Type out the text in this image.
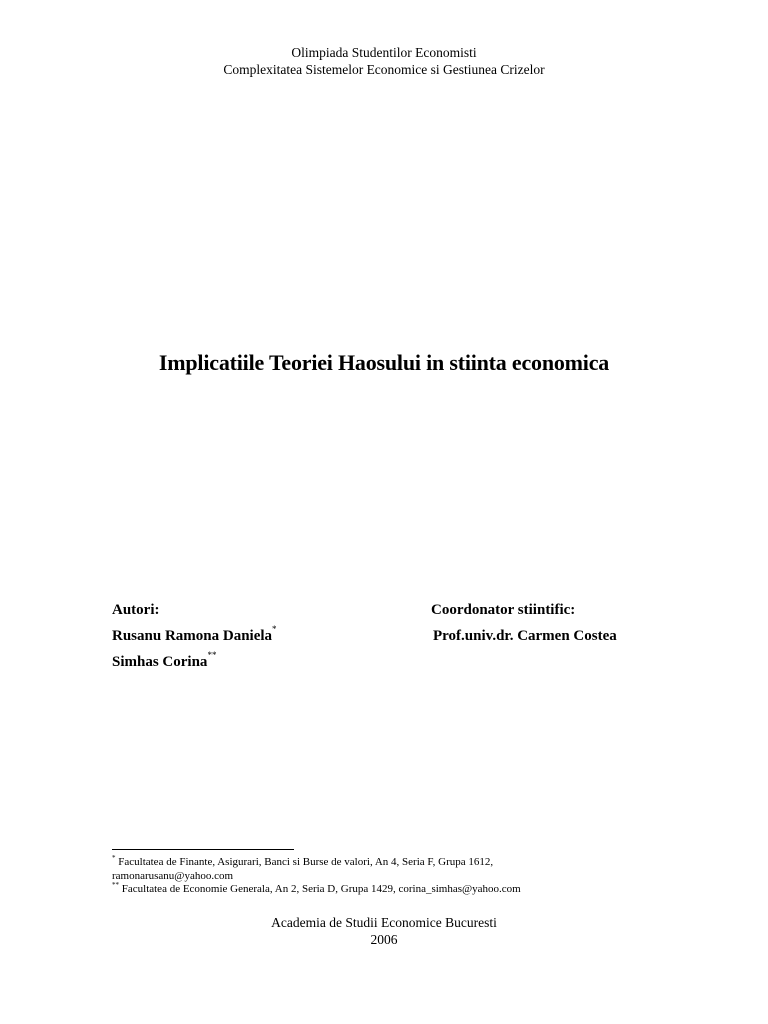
Olimpiada Studentilor Economisti
Complexitatea Sistemelor Economice si Gestiunea Crizelor
Implicatiile Teoriei Haosului in stiinta economica
Autori:
Rusanu Ramona Daniela*
Simhas Corina**
Coordonator stiintific:
Prof.univ.dr. Carmen Costea
* Facultatea de Finante, Asigurari, Banci si Burse de valori, An 4, Seria F, Grupa 1612,
ramonarusanu@yahoo.com
** Facultatea de Economie Generala, An 2, Seria D, Grupa 1429, corina_simhas@yahoo.com
Academia de Studii Economice Bucuresti
2006
